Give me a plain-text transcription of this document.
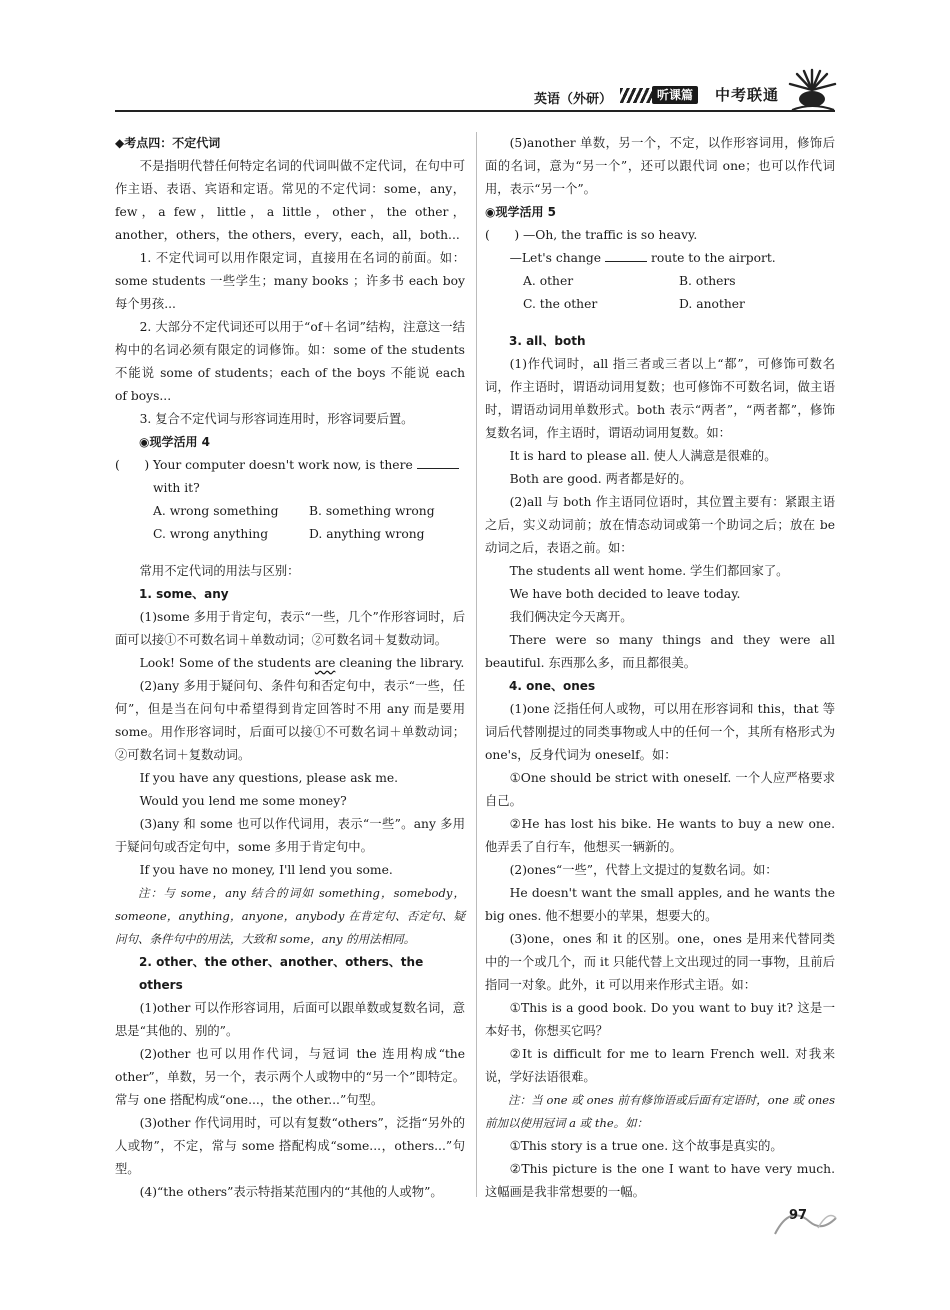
英语（外研）	听课篇	中考联通

◆考点四：不定代词

不是指明代替任何特定名词的代词叫做不定代词，在句中可作主语、表语、宾语和定语。常见的不定代词：some，any，few，a few，little，a little，other，the other，another，others，the others，every，each，all，both...

1. 不定代词可以用作限定词，直接用在名词的前面。如：some students 一些学生；many books ；许多书 each boy 每个男孩...

2. 大部分不定代词还可以用于“of＋名词”结构，注意这一结构中的名词必须有限定的词修饰。如：some of the students 不能说 some of students；each of the boys 不能说 each of boys...

3. 复合不定代词与形容词连用时，形容词要后置。

◉现学活用 4

(　　) Your computer doesn't work now, is there  with it?
A. wrong something	B. something wrong
C. wrong anything	D. anything wrong

常用不定代词的用法与区别：

1. some、any

(1)some 多用于肯定句，表示“一些，几个”作形容词时，后面可以接①不可数名词＋单数动词；②可数名词＋复数动词。

Look! Some of the students are cleaning the library.

(2)any 多用于疑问句、条件句和否定句中，表示“一些，任何”，但是当在问句中希望得到肯定回答时不用 any 而是要用 some。用作形容词时，后面可以接①不可数名词＋单数动词；②可数名词＋复数动词。

If you have any questions, please ask me.

Would you lend me some money?

(3)any 和 some 也可以作代词用，表示“一些”。any 多用于疑问句或否定句中，some 多用于肯定句中。

If you have no money, I'll lend you some.

注：与 some，any 结合的词如 something，somebody，someone，anything，anyone，anybody 在肯定句、否定句、疑问句、条件句中的用法，大致和 some，any 的用法相同。

2. other、the other、another、others、the others

(1)other 可以作形容词用，后面可以跟单数或复数名词，意思是“其他的、别的”。

(2)other 也可以用作代词，与冠词 the 连用构成“the other”，单数，另一个，表示两个人或物中的“另一个”即特定。常与 one 搭配构成“one...，the other...”句型。

(3)other 作代词用时，可以有复数“others”，泛指“另外的人或物”，不定，常与 some 搭配构成“some...，others...”句型。

(4)“the others”表示特指某范围内的“其他的人或物”。

(5)another 单数，另一个，不定，以作形容词用，修饰后面的名词，意为“另一个”，还可以跟代词 one；也可以作代词用，表示“另一个”。

◉现学活用 5

(　　) —Oh, the traffic is so heavy.

—Let's change	route to the airport.

A. other	B. others
C. the other	D. another

3. all、both

(1)作代词时，all 指三者或三者以上“都”，可修饰可数名词，作主语时，谓语动词用复数；也可修饰不可数名词，做主语时，谓语动词用单数形式。both 表示“两者”，“两者都”，修饰复数名词，作主语时，谓语动词用复数。如：

It is hard to please all. 使人人满意是很难的。

Both are good. 两者都是好的。

(2)all 与 both 作主语同位语时，其位置主要有：紧跟主语之后，实义动词前；放在情态动词或第一个助词之后；放在 be 动词之后，表语之前。如：

The students all went home. 学生们都回家了。

We have both decided to leave today.

我们俩决定今天离开。

There were so many things and they were all beautiful. 东西那么多，而且都很美。

4. one、ones

(1)one 泛指任何人或物，可以用在形容词和 this，that 等词后代替刚提过的同类事物或人中的任何一个，其所有格形式为 one's，反身代词为 oneself。如：

①One should be strict with oneself. 一个人应严格要求自己。

②He has lost his bike. He wants to buy a new one. 他弄丢了自行车，他想买一辆新的。

(2)ones“一些”，代替上文提过的复数名词。如：

He doesn't want the small apples, and he wants the big ones. 他不想要小的苹果，想要大的。

(3)one，ones 和 it 的区别。one，ones 是用来代替同类中的一个或几个，而 it 只能代替上文出现过的同一事物，且前后指同一对象。此外，it 可以用来作形式主语。如：

①This is a good book. Do you want to buy it? 这是一本好书，你想买它吗？

②It is difficult for me to learn French well. 对我来说，学好法语很难。

注：当 one 或 ones 前有修饰语或后面有定语时，one 或 ones 前加以使用冠词 a 或 the。如：

①This story is a true one. 这个故事是真实的。

②This picture is the one I want to have very much. 这幅画是我非常想要的一幅。

97
